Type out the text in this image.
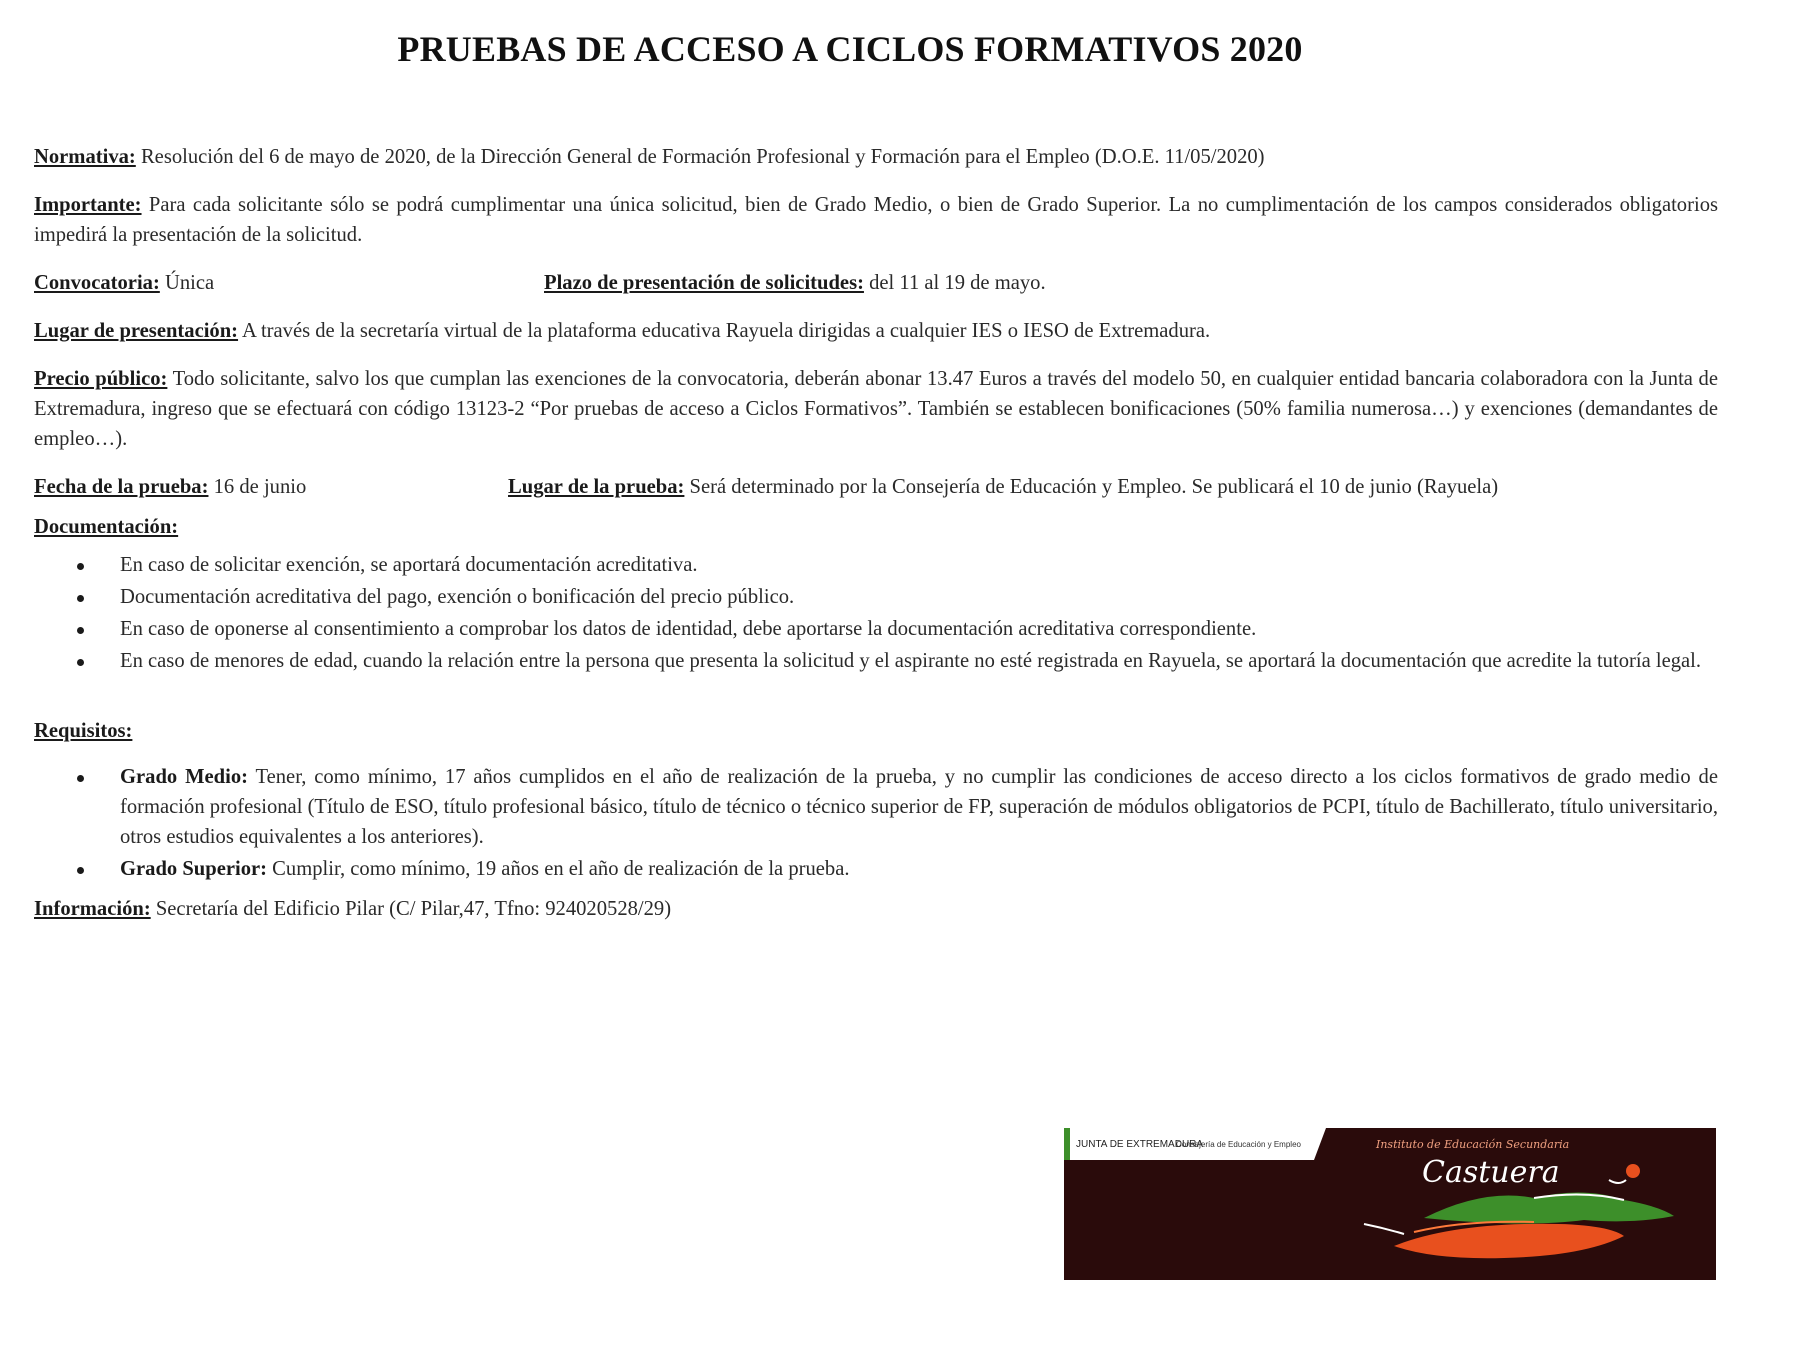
PRUEBAS DE ACCESO A CICLOS FORMATIVOS 2020

Normativa: Resolución del 6 de mayo de 2020, de la Dirección General de Formación Profesional y Formación para el Empleo (D.O.E. 11/05/2020)

Importante: Para cada solicitante sólo se podrá cumplimentar una única solicitud, bien de Grado Medio, o bien de Grado Superior. La no cumplimentación de los campos considerados obligatorios impedirá la presentación de la solicitud.

Convocatoria: Única	Plazo de presentación de solicitudes: del 11 al 19 de mayo.

Lugar de presentación: A través de la secretaría virtual de la plataforma educativa Rayuela dirigidas a cualquier IES o IESO de Extremadura.

Precio público: Todo solicitante, salvo los que cumplan las exenciones de la convocatoria, deberán abonar 13.47 Euros a través del modelo 50, en cualquier entidad bancaria colaboradora con la Junta de Extremadura, ingreso que se efectuará con código 13123-2 “Por pruebas de acceso a Ciclos Formativos”. También se establecen bonificaciones (50% familia numerosa…) y exenciones (demandantes de empleo…).

Fecha de la prueba: 16 de junio	Lugar de la prueba: Será determinado por la Consejería de Educación y Empleo. Se publicará el 10 de junio (Rayuela)
Documentación:
En caso de solicitar exención, se aportará documentación acreditativa.
Documentación acreditativa del pago, exención o bonificación del precio público.
En caso de oponerse al consentimiento a comprobar los datos de identidad, debe aportarse la documentación acreditativa correspondiente.
En caso de menores de edad, cuando la relación entre la persona que presenta la solicitud y el aspirante no esté registrada en Rayuela, se aportará la documentación que acredite la tutoría legal.
Requisitos:
Grado Medio: Tener, como mínimo, 17 años cumplidos en el año de realización de la prueba, y no cumplir las condiciones de acceso directo a los ciclos formativos de grado medio de formación profesional (Título de ESO, título profesional básico, título de técnico o técnico superior de FP, superación de módulos obligatorios de PCPI, título de Bachillerato, título universitario, otros estudios equivalentes a los anteriores).
Grado Superior: Cumplir, como mínimo, 19 años en el año de realización de la prueba.

Información: Secretaría del Edificio Pilar (C/ Pilar,47, Tfno: 924020528/29)

JUNTA DE EXTREMADURA
Consejería de Educación y Empleo	Instituto de Educación Secundaria
Castuera
